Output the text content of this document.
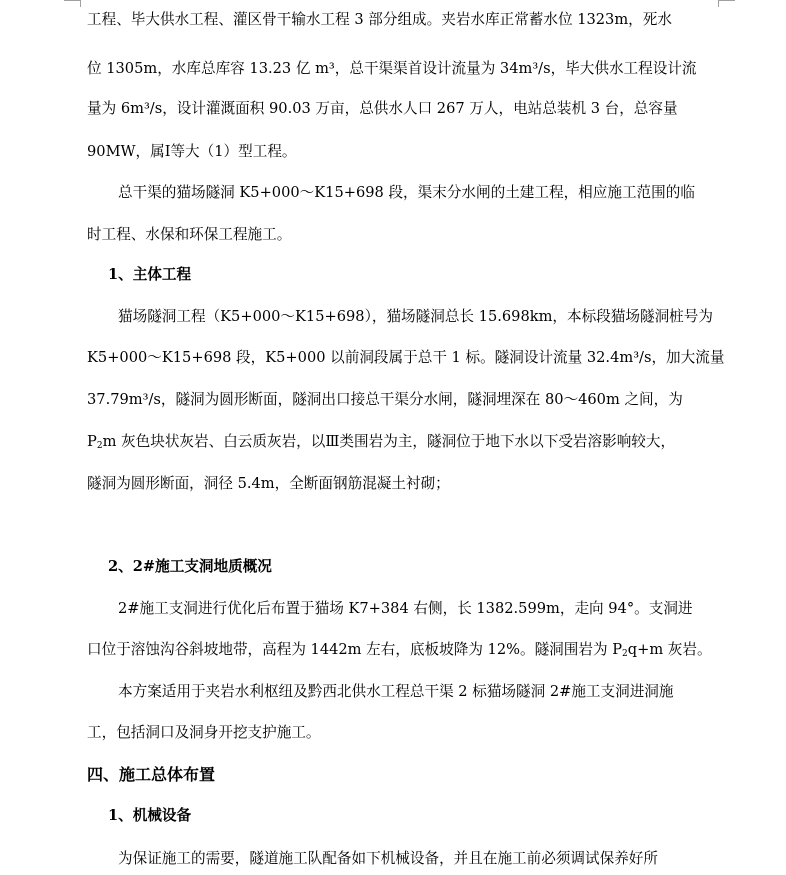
工程、毕大供水工程、灌区骨干输水工程 3 部分组成。夹岩水库正常蓄水位 1323m，死水
位 1305m，水库总库容 13.23 亿 m³，总干渠渠首设计流量为 34m³/s，毕大供水工程设计流
量为 6m³/s，设计灌溉面积 90.03 万亩，总供水人口 267 万人，电站总装机 3 台，总容量
90MW，属Ⅰ等大（1）型工程。
总干渠的猫场隧洞 K5+000～K15+698 段，渠末分水闸的土建工程，相应施工范围的临
时工程、水保和环保工程施工。
1、主体工程
猫场隧洞工程（K5+000～K15+698），猫场隧洞总长 15.698km，本标段猫场隧洞桩号为
K5+000～K15+698 段，K5+000 以前洞段属于总干 1 标。隧洞设计流量 32.4m³/s，加大流量
37.79m³/s，隧洞为圆形断面，隧洞出口接总干渠分水闸，隧洞埋深在 80～460m 之间，为
$P_2m$ 灰色块状灰岩、白云质灰岩，以Ⅲ类围岩为主，隧洞位于地下水以下受岩溶影响较大，
隧洞为圆形断面，洞径 5.4m，全断面钢筋混凝土衬砌；
2、2#施工支洞地质概况
2#施工支洞进行优化后布置于猫场 K7+384 右侧，长 1382.599m，走向 94°。支洞进
口位于溶蚀沟谷斜坡地带，高程为 1442m 左右，底板坡降为 12%。隧洞围岩为 $P_2q+m$ 灰岩。
本方案适用于夹岩水利枢纽及黔西北供水工程总干渠 2 标猫场隧洞 2#施工支洞进洞施
工，包括洞口及洞身开挖支护施工。
四、施工总体布置
1、机械设备
为保证施工的需要，隧道施工队配备如下机械设备，并且在施工前必须调试保养好所
